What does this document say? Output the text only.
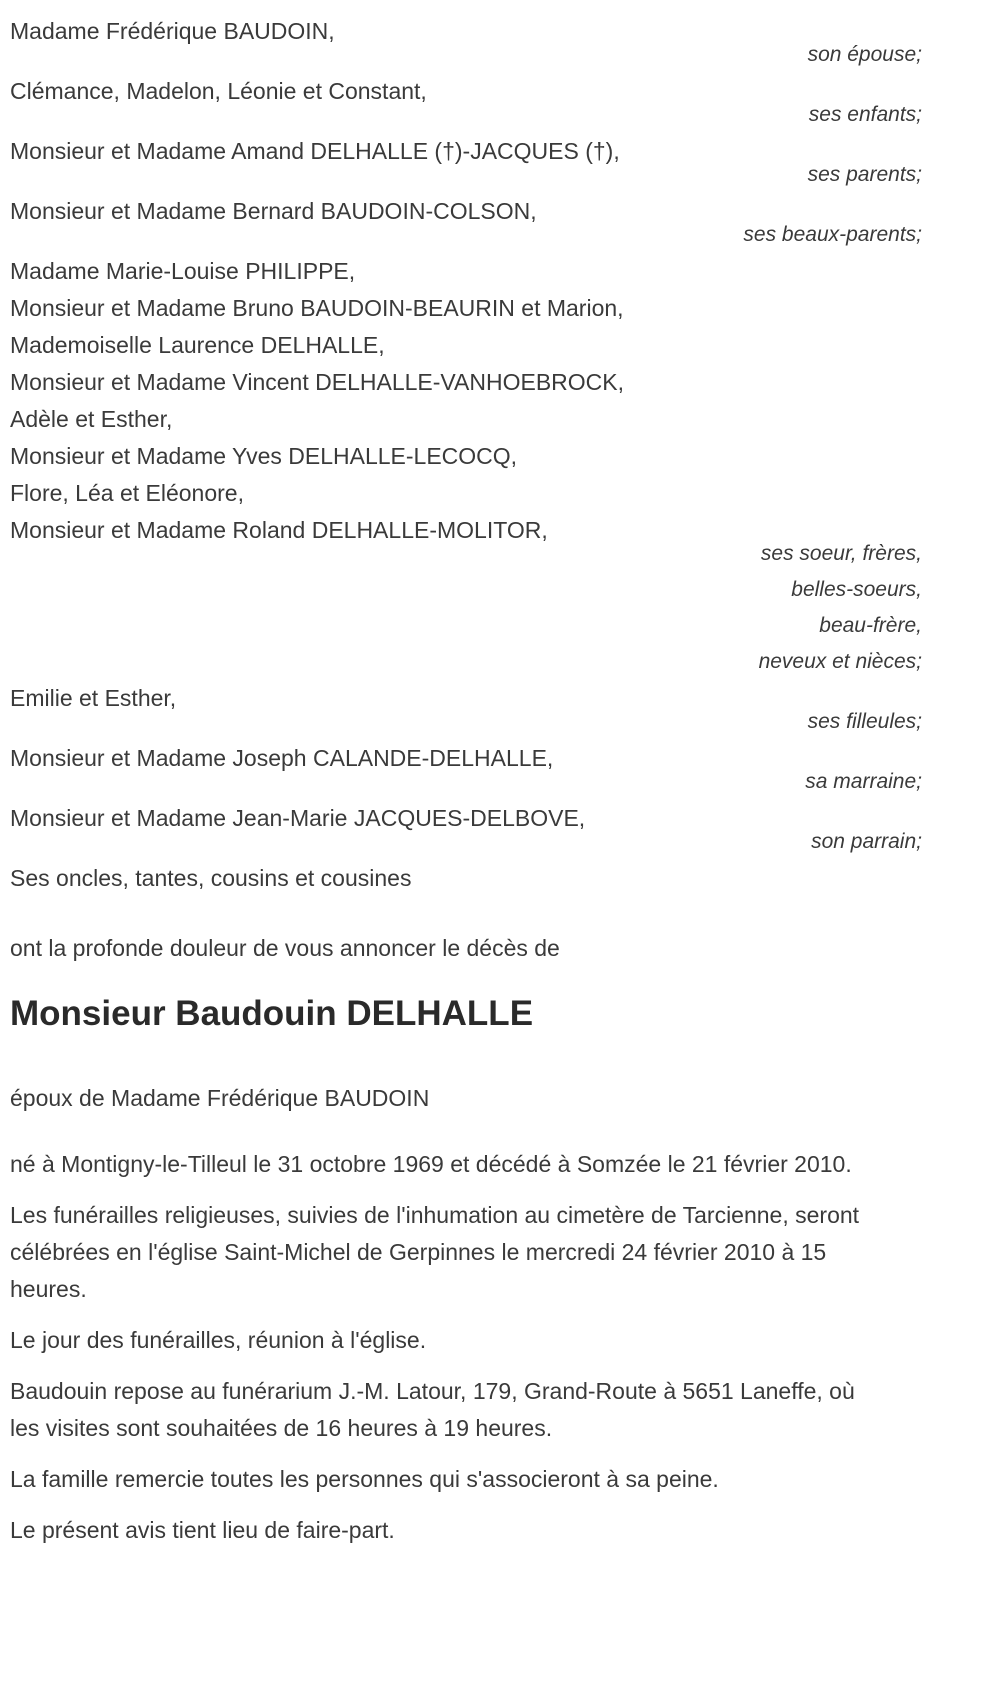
Madame Frédérique BAUDOIN,
son épouse;
Clémance, Madelon, Léonie et Constant,
ses enfants;
Monsieur et Madame Amand DELHALLE (†)-JACQUES (†),
ses parents;
Monsieur et Madame Bernard BAUDOIN-COLSON,
ses beaux-parents;
Madame Marie-Louise PHILIPPE,
Monsieur et Madame Bruno BAUDOIN-BEAURIN et Marion,
Mademoiselle Laurence DELHALLE,
Monsieur et Madame Vincent DELHALLE-VANHOEBROCK,
Adèle et Esther,
Monsieur et Madame Yves DELHALLE-LECOCQ,
Flore, Léa et Eléonore,
Monsieur et Madame Roland DELHALLE-MOLITOR,
ses soeur, frères,
belles-soeurs,
beau-frère,
neveux et nièces;
Emilie et Esther,
ses filleules;
Monsieur et Madame Joseph CALANDE-DELHALLE,
sa marraine;
Monsieur et Madame Jean-Marie JACQUES-DELBOVE,
son parrain;
Ses oncles, tantes, cousins et cousines

ont la profonde douleur de vous annoncer le décès de

Monsieur Baudouin DELHALLE

époux de Madame Frédérique BAUDOIN

né à Montigny-le-Tilleul le 31 octobre 1969 et décédé à Somzée le 21 février 2010.

Les funérailles religieuses, suivies de l'inhumation au cimetère de Tarcienne, seront célébrées en l'église Saint-Michel de Gerpinnes le mercredi 24 février 2010 à 15 heures.

Le jour des funérailles, réunion à l'église.

Baudouin repose au funérarium J.-M. Latour, 179, Grand-Route à 5651 Laneffe, où les visites sont souhaitées de 16 heures à 19 heures.

La famille remercie toutes les personnes qui s'associeront à sa peine.

Le présent avis tient lieu de faire-part.
